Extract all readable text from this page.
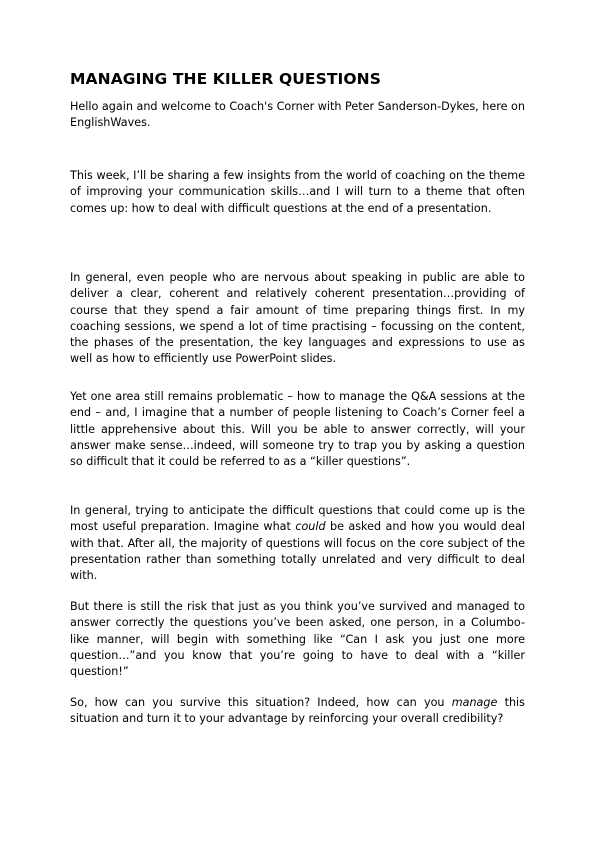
MANAGING THE KILLER QUESTIONS

Hello again and welcome to Coach's Corner with Peter Sanderson-Dykes, here on EnglishWaves.

This week, I’ll be sharing a few insights from the world of coaching on the theme of improving your communication skills…and I will turn to a theme that often comes up: how to deal with difficult questions at the end of a presentation.

In general, even people who are nervous about speaking in public are able to deliver a clear, coherent and relatively coherent presentation…providing of course that they spend a fair amount of time preparing things first. In my coaching sessions, we spend a lot of time practising – focussing on the content, the phases of the presentation, the key languages and expressions to use as well as how to efficiently use PowerPoint slides.

Yet one area still remains problematic – how to manage the Q&A sessions at the end – and, I imagine that a number of people listening to Coach’s Corner feel a little apprehensive about this. Will you be able to answer correctly, will your answer make sense…indeed, will someone try to trap you by asking a question so difficult that it could be referred to as a “killer questions”.

In general, trying to anticipate the difficult questions that could come up is the most useful preparation. Imagine what could be asked and how you would deal with that. After all, the majority of questions will focus on the core subject of the presentation rather than something totally unrelated and very difficult to deal with.

But there is still the risk that just as you think you’ve survived and managed to answer correctly the questions you’ve been asked, one person, in a Columbo-like manner, will begin with something like “Can I ask you just one more question…”and you know that you’re going to have to deal with a “killer question!”

So, how can you survive this situation? Indeed, how can you manage this situation and turn it to your advantage by reinforcing your overall credibility?
